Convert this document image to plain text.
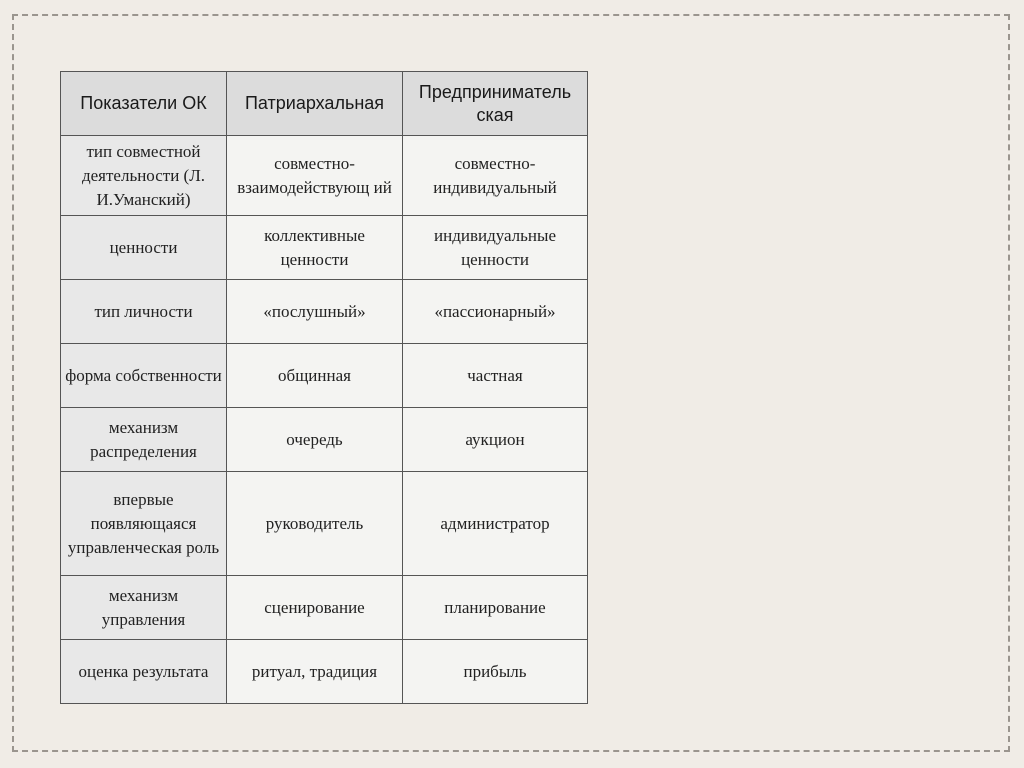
Показатели ОК	Патриархальная	Предприниматель ская
тип совместной деятельности (Л. И.Уманский)	совместно-взаимодействующ ий	совместно-индивидуальный
ценности	коллективные ценности	индивидуальные ценности
тип личности	«послушный»	«пассионарный»
форма собственности	общинная	частная
механизм распределения	очередь	аукцион
впервые появляющаяся управленческая роль	руководитель	администратор
механизм управления	сценирование	планирование
оценка результата	ритуал, традиция	прибыль
